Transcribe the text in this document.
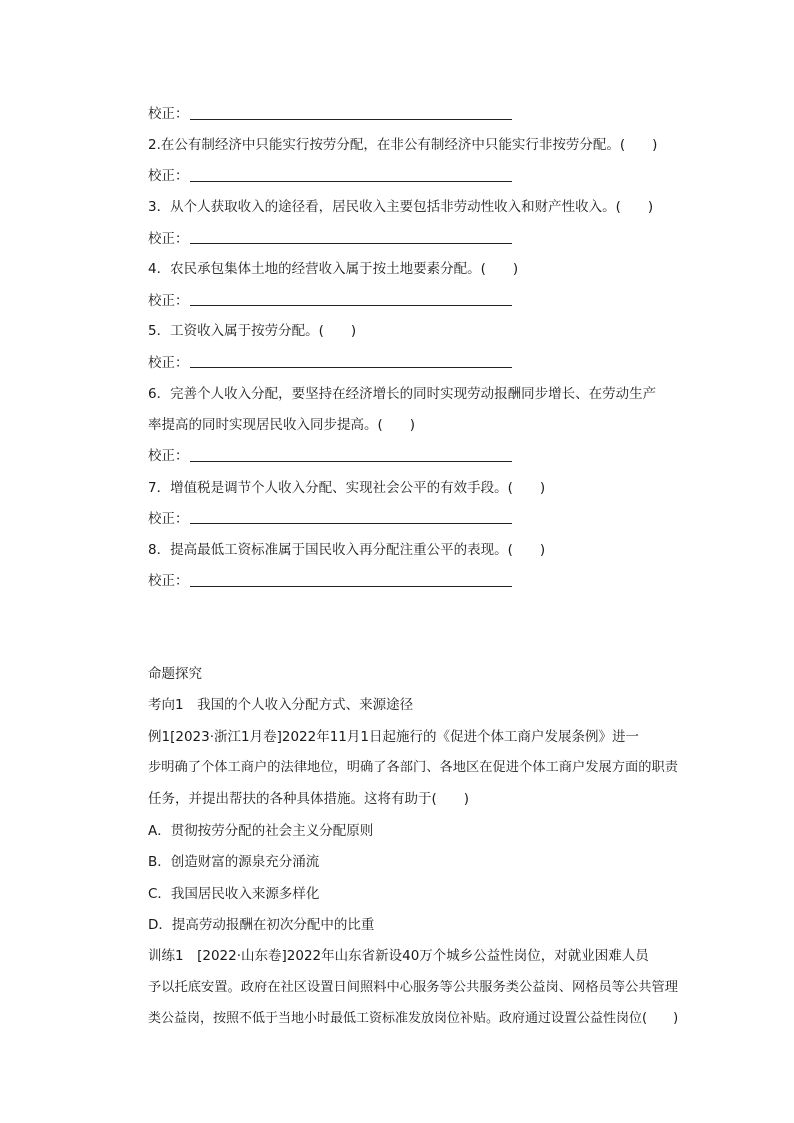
校正：
2.在公有制经济中只能实行按劳分配，在非公有制经济中只能实行非按劳分配。(　　)
校正：
3．从个人获取收入的途径看，居民收入主要包括非劳动性收入和财产性收入。(　　)
校正：
4．农民承包集体土地的经营收入属于按土地要素分配。(　　)
校正：
5．工资收入属于按劳分配。(　　)
校正：
6．完善个人收入分配，要坚持在经济增长的同时实现劳动报酬同步增长、在劳动生产
率提高的同时实现居民收入同步提高。(　　)
校正：
7．增值税是调节个人收入分配、实现社会公平的有效手段。(　　)
校正：
8．提高最低工资标准属于国民收入再分配注重公平的表现。(　　)
校正：
命题探究
考向1　我国的个人收入分配方式、来源途径
例1[2023·浙江1月卷]2022年11月1日起施行的《促进个体工商户发展条例》进一
步明确了个体工商户的法律地位，明确了各部门、各地区在促进个体工商户发展方面的职责
任务，并提出帮扶的各种具体措施。这将有助于(　　)
A．贯彻按劳分配的社会主义分配原则
B．创造财富的源泉充分涌流
C．我国居民收入来源多样化
D．提高劳动报酬在初次分配中的比重
训练1　[2022·山东卷]2022年山东省新设40万个城乡公益性岗位，对就业困难人员
予以托底安置。政府在社区设置日间照料中心服务等公共服务类公益岗、网格员等公共管理
类公益岗，按照不低于当地小时最低工资标准发放岗位补贴。政府通过设置公益性岗位(　　)
